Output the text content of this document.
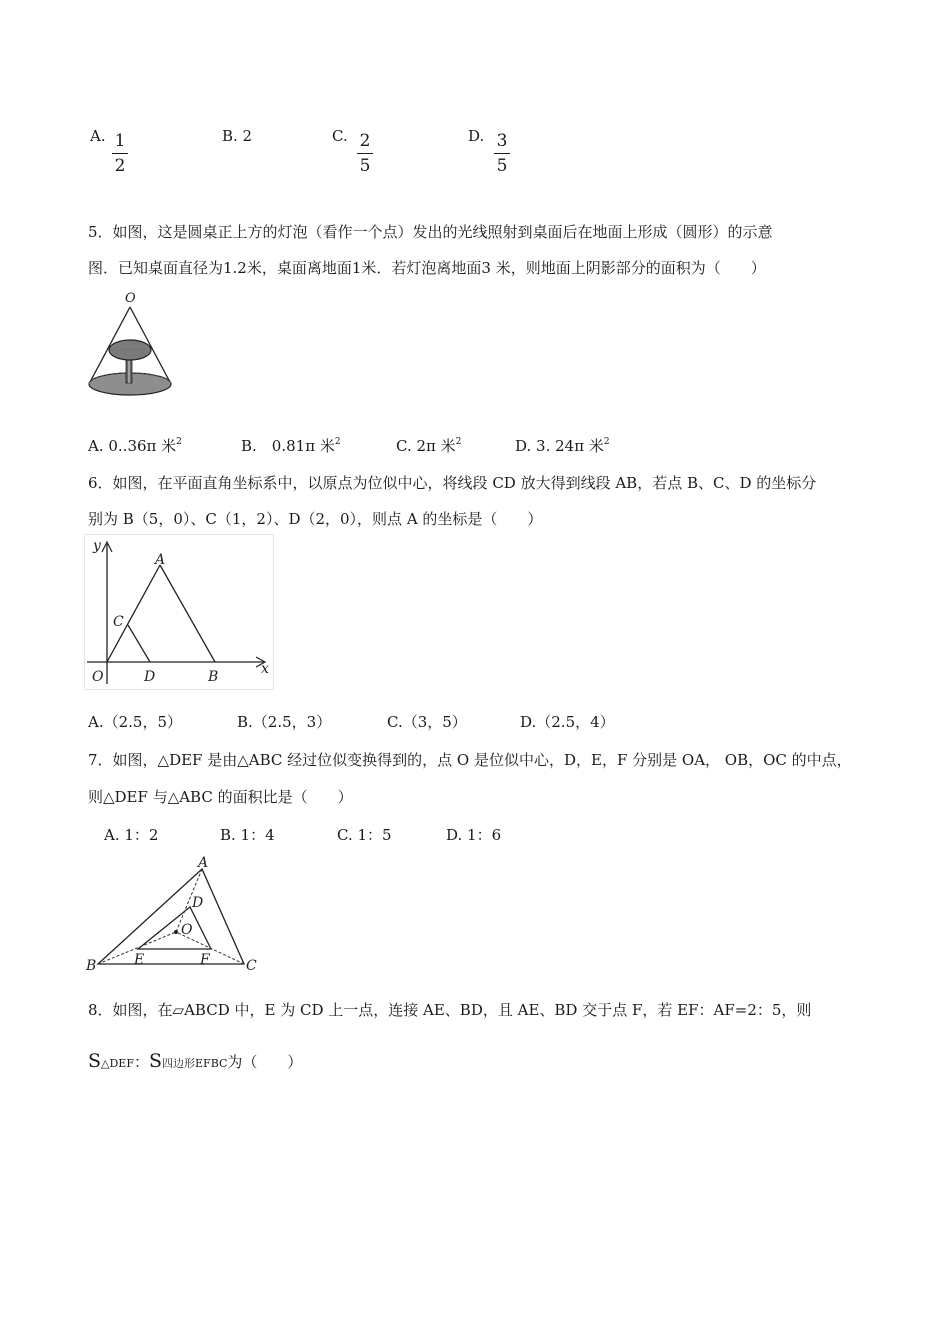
A. 1
2
B. 2	C. 2
5
D. 3
5
5．如图，这是圆桌正上方的灯泡（看作一个点）发出的光线照射到桌面后在地面上形成（圆形）的示意
图．已知桌面直径为1.2米，桌面离地面1米．若灯泡离地面3 米，则地面上阴影部分的面积为（　　）
O
A. 0..36π 米$^2$	B.　0.81π 米$^2$	C. 2π 米$^2$	D. 3. 24π 米$^2$
6．如图，在平面直角坐标系中，以原点为位似中心，将线段 CD 放大得到线段 AB，若点 B、C、D 的坐标分
别为 B（5，0）、C（1，2）、D（2，0），则点 A 的坐标是（　　）
y
A
C
O	D	B	x
A.（2.5，5）	B.（2.5，3）	C.（3，5）	D.（2.5，4）
7．如图，△DEF 是由△ABC 经过位似变换得到的，点 O 是位似中心，D，E，F 分别是 OA， OB，OC 的中点，
则△DEF 与△ABC 的面积比是（　　）
A. 1：2	B. 1：4	C. 1：5	D. 1：6
A
D
O
B	E	F	C
8．如图，在▱ABCD 中，E 为 CD 上一点，连接 AE、BD，且 AE、BD 交于点 F，若 EF：AF=2：5，则
S△DEF：S四边形EFBC为（　　）
